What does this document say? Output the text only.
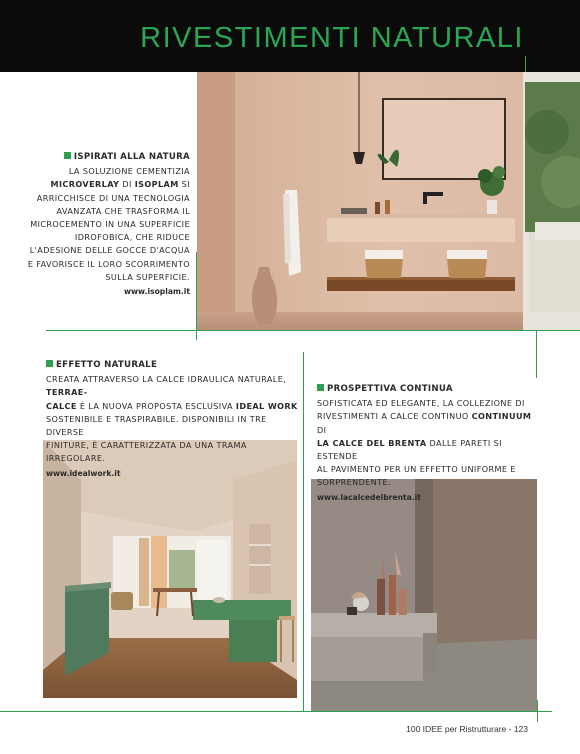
RIVESTIMENTI NATURALI
ISPIRATI ALLA NATURA
LA SOLUZIONE CEMENTIZIA
MICROVERLAY DI ISOPLAM SI
ARRICCHISCE DI UNA TECNOLOGIA
AVANZATA CHE TRASFORMA IL
MICROCEMENTO IN UNA SUPERFICIE
IDROFOBICA, CHE RIDUCE
L'ADESIONE DELLE GOCCE D'ACQUA
E FAVORISCE IL LORO SCORRIMENTO
SULLA SUPERFICIE.
www.isoplam.it
EFFETTO NATURALE
CREATA ATTRAVERSO LA CALCE IDRAULICA NATURALE, TERRAE-
CALCE È LA NUOVA PROPOSTA ESCLUSIVA IDEAL WORK
SOSTENIBILE E TRASPIRABILE. DISPONIBILI IN TRE DIVERSE
FINITURE, È CARATTERIZZATA DA UNA TRAMA IRREGOLARE.
www.idealwork.it
PROSPETTIVA CONTINUA
SOFISTICATA ED ELEGANTE, LA COLLEZIONE DI
RIVESTIMENTI A CALCE CONTINUO CONTINUUM DI
LA CALCE DEL BRENTA DALLE PARETI SI ESTENDE
AL PAVIMENTO PER UN EFFETTO UNIFORME E
SORPRENDENTE.
www.lacalcedelbrenta.it
100 IDEE per Ristrutturare - 123
